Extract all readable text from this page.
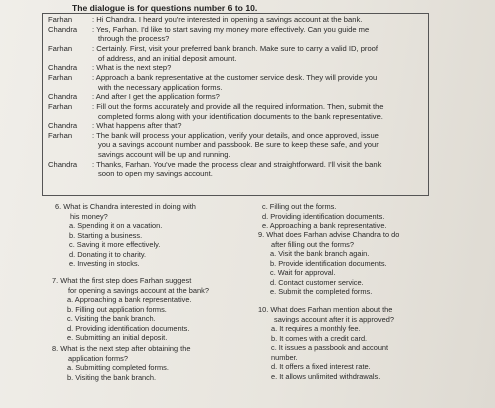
The dialogue is for questions number 6 to 10.
Farhan	: Hi Chandra. I heard you're interested in opening a savings account at the bank.
Chandra : Yes, Farhan. I'd like to start saving my money more effectively. Can you guide me
through the process?
Farhan	: Certainly. First, visit your preferred bank branch. Make sure to carry a valid ID, proof
of address, and an initial deposit amount.
Chandra : What is the next step?
Farhan	: Approach a bank representative at the customer service desk. They will provide you
with the necessary application forms.
Chandra : And after I get the application forms?
Farhan	: Fill out the forms accurately and provide all the required information. Then, submit the
completed forms along with your identification documents to the bank representative.
Chandra : What happens after that?
Farhan	: The bank will process your application, verify your details, and once approved, issue
you a savings account number and passbook. Be sure to keep these safe, and your
savings account will be up and running.
Chandra : Thanks, Farhan. You've made the process clear and straightforward. I'll visit the bank
soon to open my savings account.
6. What is Chandra interested in doing with
his money?
a. Spending it on a vacation.
b. Starting a business.
c. Saving it more effectively.
d. Donating it to charity.
e. Investing in stocks.
7. What the first step does Farhan suggest
for opening a savings account at the bank?
a. Approaching a bank representative.
b. Filling out application forms.
c. Visiting the bank branch.
d. Providing identification documents.
e. Submitting an initial deposit.
8. What is the next step after obtaining the
application forms?
a. Submitting completed forms.
b. Visiting the bank branch.
c. Filling out the forms.
d. Providing identification documents.
e. Approaching a bank representative.
9. What does Farhan advise Chandra to do
after filling out the forms?
a. Visit the bank branch again.
b. Provide identification documents.
c. Wait for approval.
d. Contact customer service.
e. Submit the completed forms.
10. What does Farhan mention about the
savings account after it is approved?
a. It requires a monthly fee.
b. It comes with a credit card.
c. It issues a passbook and account
number.
d. It offers a fixed interest rate.
e. It allows unlimited withdrawals.
